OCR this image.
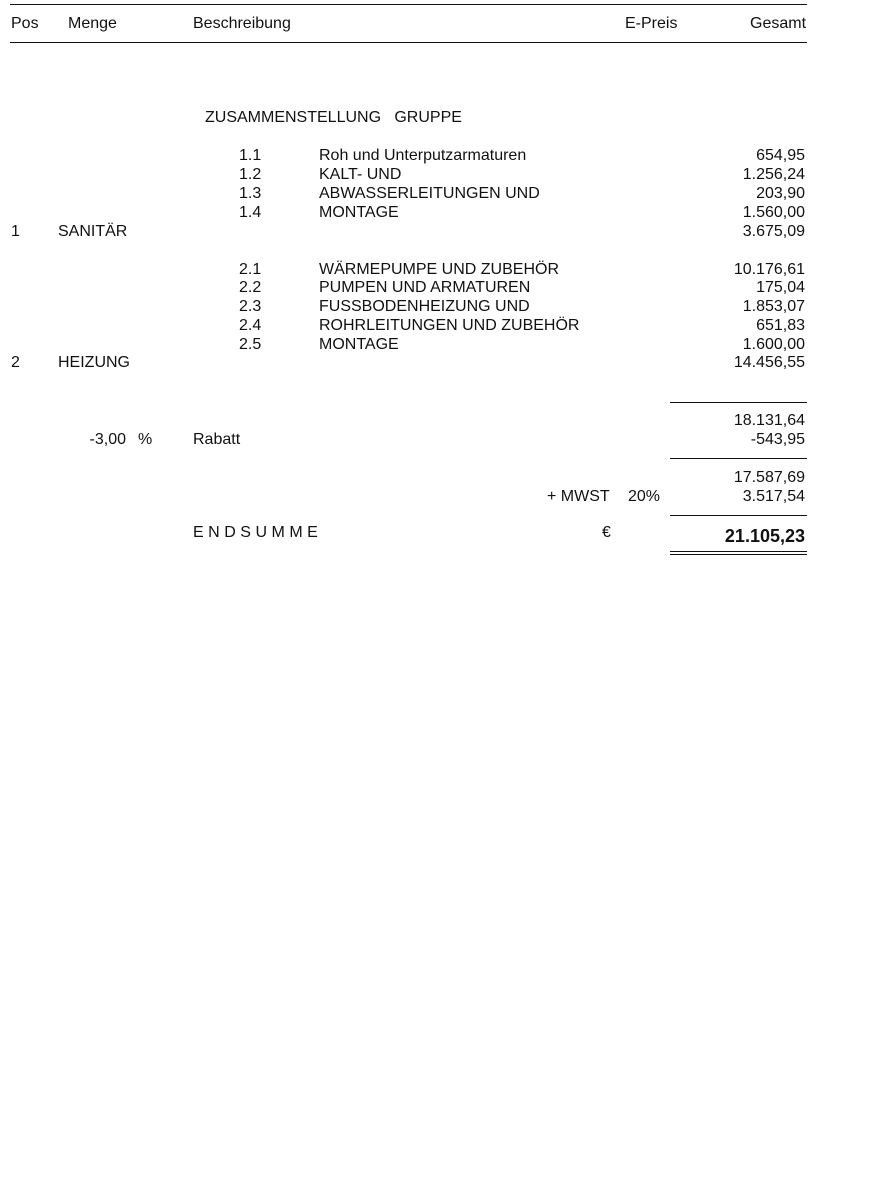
Pos Menge	Beschreibung	E-Preis	Gesamt
ZUSAMMENSTELLUNG   GRUPPE
1.1	Roh und Unterputzarmaturen	654,95
1.2	KALT- UND	1.256,24
1.3	ABWASSERLEITUNGEN UND	203,90
1.4	MONTAGE	1.560,00
1 SANITÄR	3.675,09
2.1	WÄRMEPUMPE UND ZUBEHÖR	10.176,61
2.2	PUMPEN UND ARMATUREN	175,04
2.3	FUSSBODENHEIZUNG UND	1.853,07
2.4	ROHRLEITUNGEN UND ZUBEHÖR	651,83
2.5	MONTAGE	1.600,00
2 HEIZUNG	14.456,55
18.131,64
-3,00 %	Rabatt	-543,95
17.587,69
+ MWST 20%	3.517,54
ENDSUMME	€	21.105,23
